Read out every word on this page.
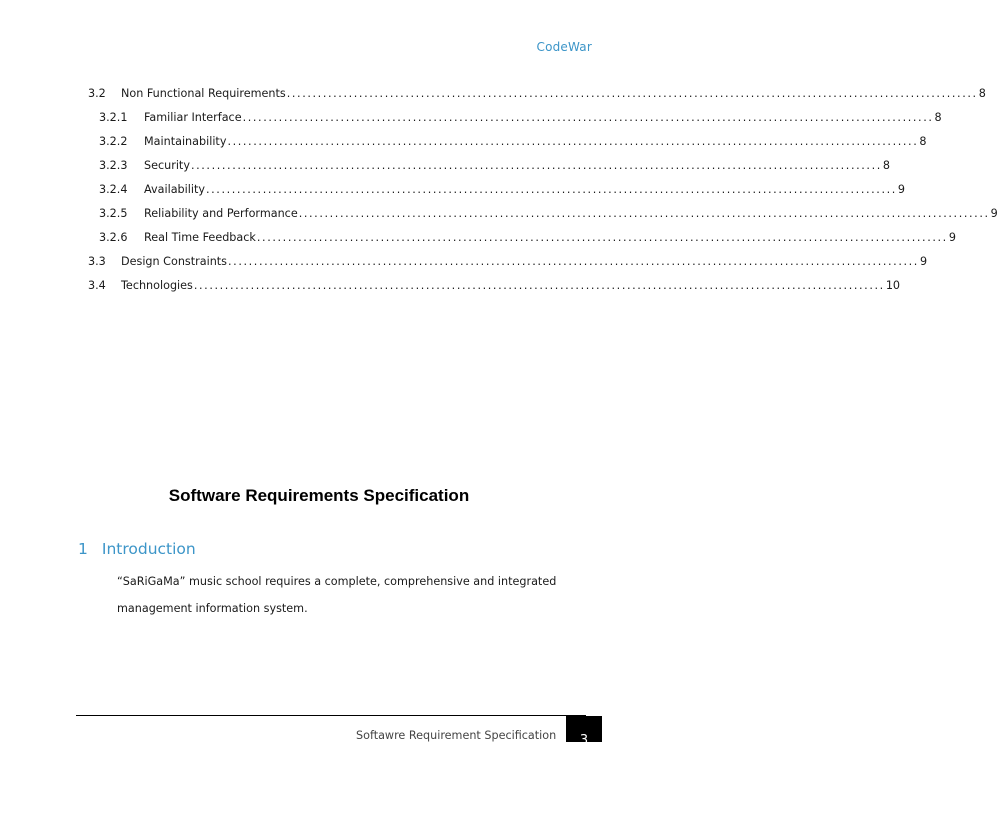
CodeWar
3.2	Non Functional Requirements ...................................................................................................................................... 8
3.2.1	Familiar Interface ...................................................................................................................................... 8
3.2.2	Maintainability ...................................................................................................................................... 8
3.2.3	Security ...................................................................................................................................... 8
3.2.4	Availability ...................................................................................................................................... 9
3.2.5	Reliability and Performance ...................................................................................................................................... 9
3.2.6	Real Time Feedback ...................................................................................................................................... 9
3.3	Design Constraints ...................................................................................................................................... 9
3.4	Technologies ...................................................................................................................................... 10
Software Requirements Specification
1 Introduction
“SaRiGaMa” music school requires a complete, comprehensive and integrated
management information system.
Softawre Requirement Specification 3
